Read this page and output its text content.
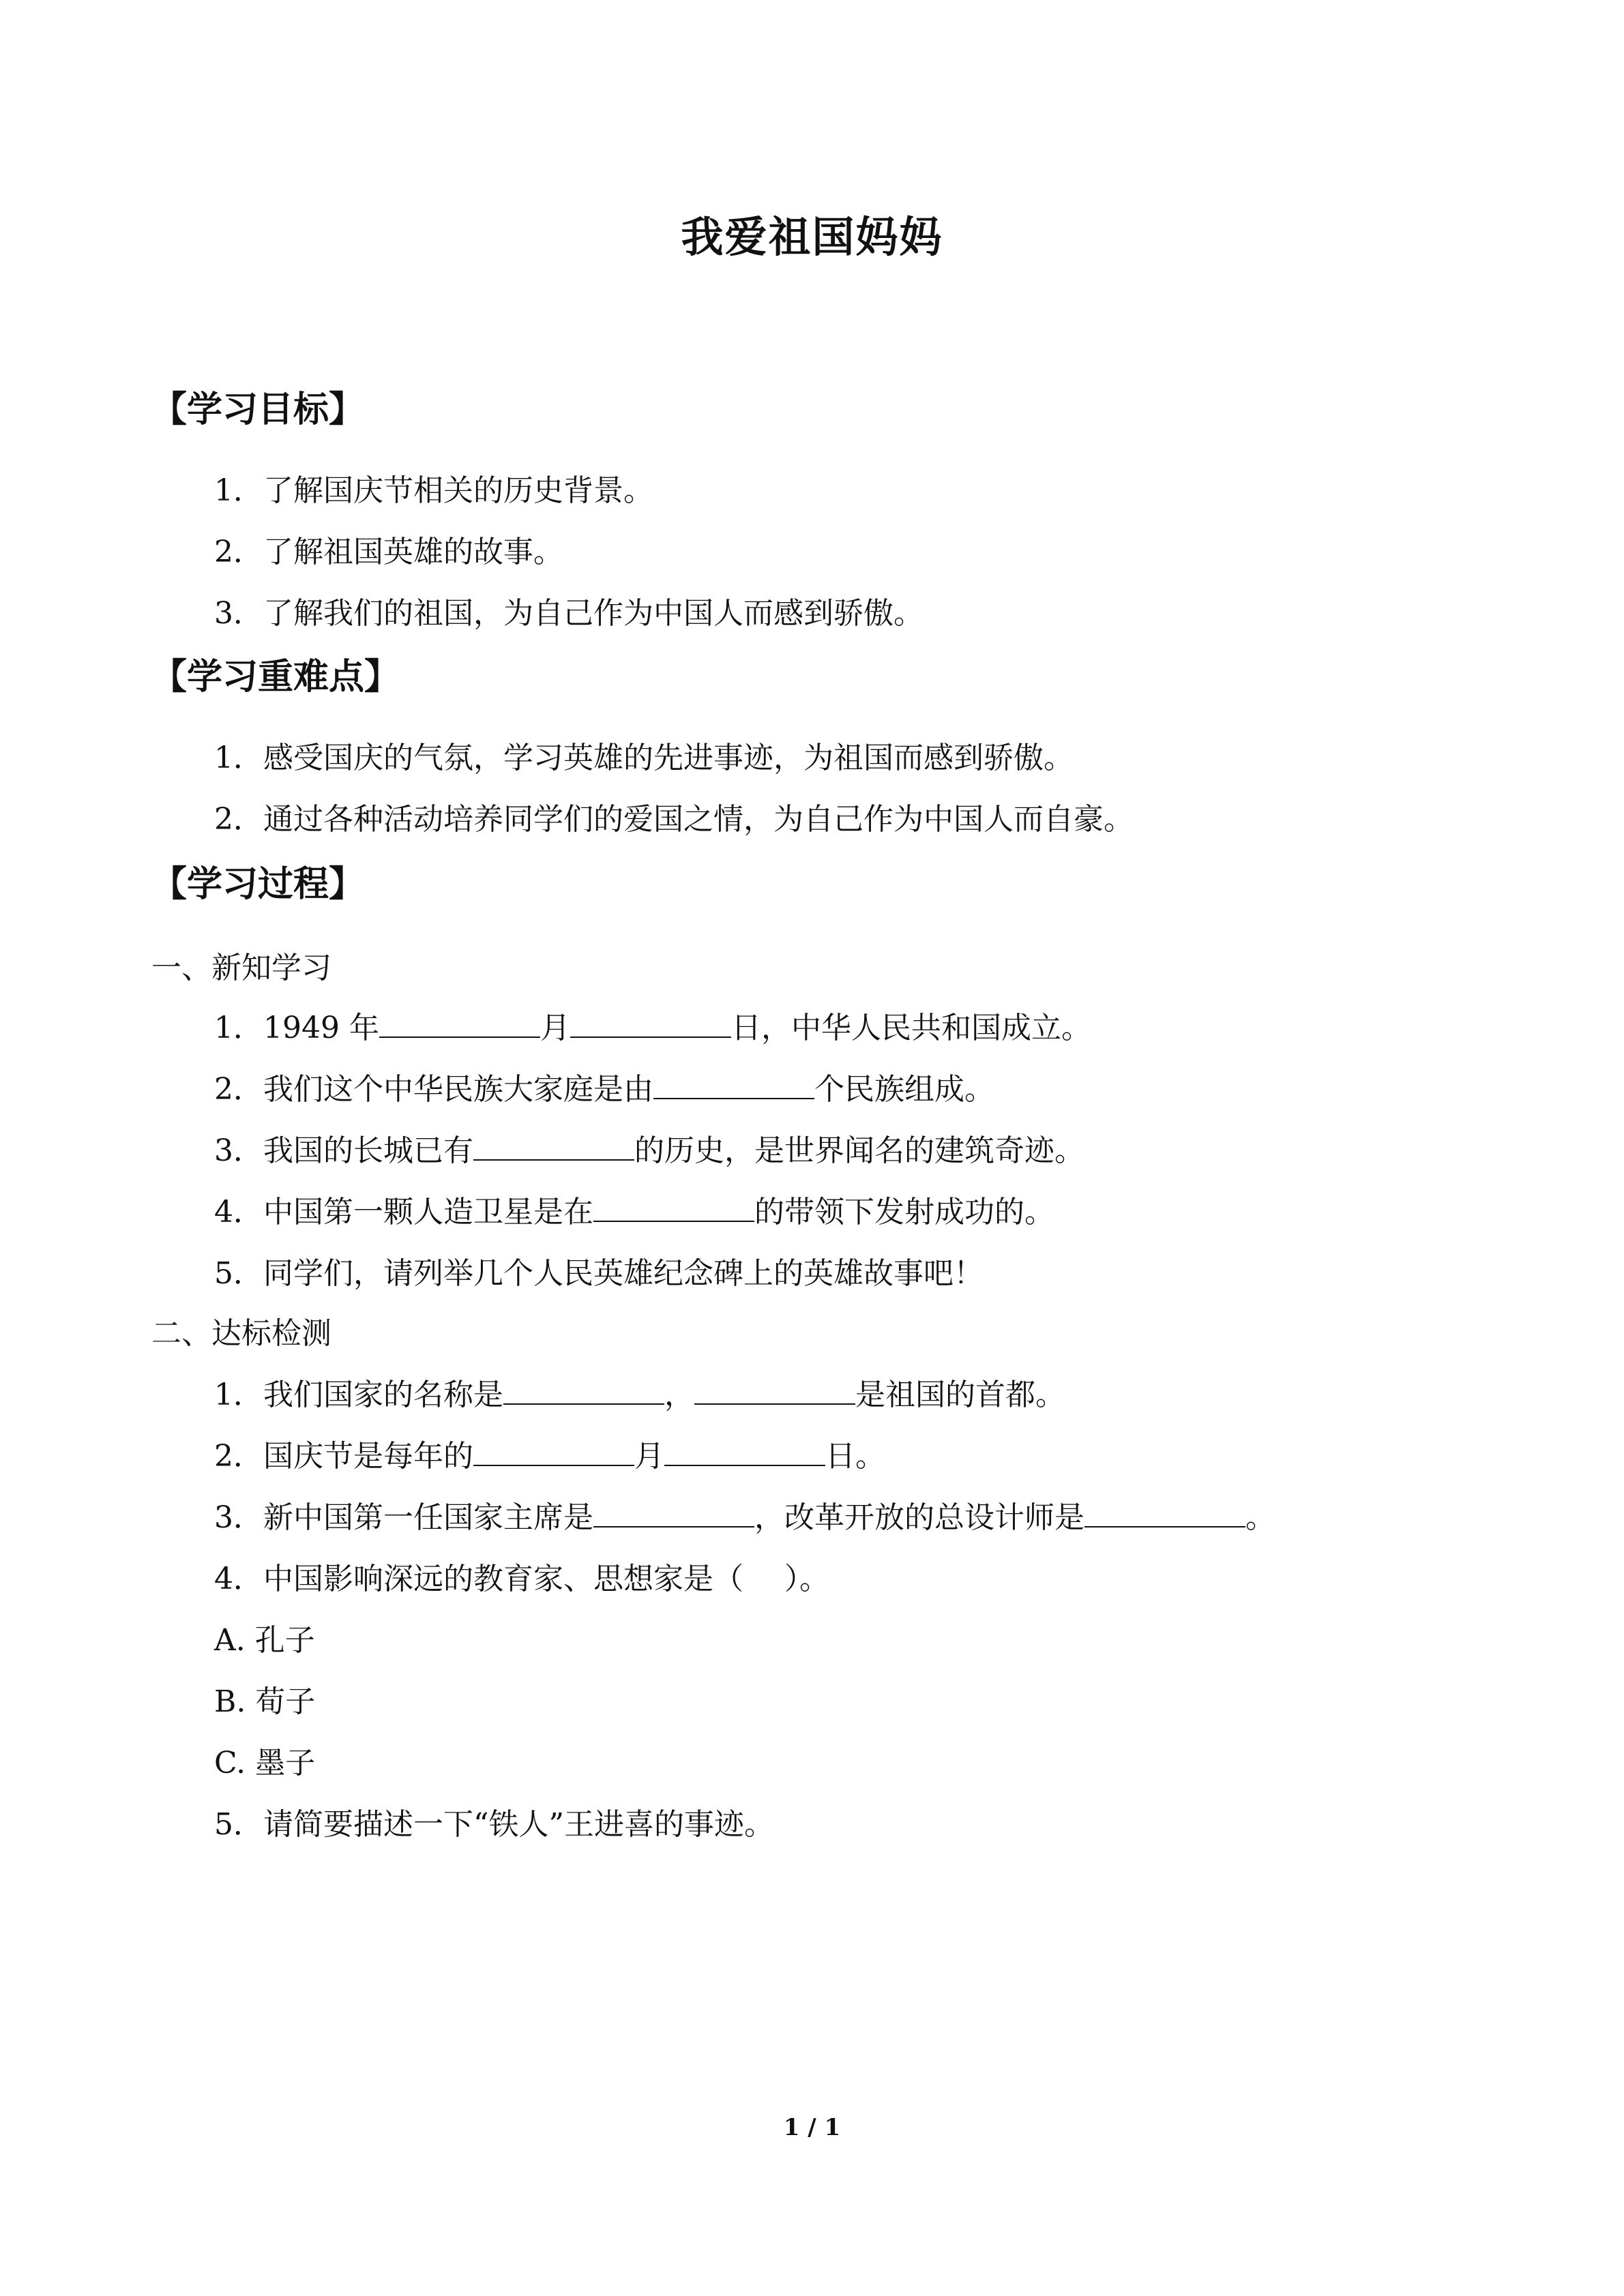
我爱祖国妈妈
【学习目标】
1．了解国庆节相关的历史背景。
2．了解祖国英雄的故事。
3．了解我们的祖国，为自己作为中国人而感到骄傲。
【学习重难点】
1．感受国庆的气氛，学习英雄的先进事迹，为祖国而感到骄傲。
2．通过各种活动培养同学们的爱国之情，为自己作为中国人而自豪。
【学习过程】
一、新知学习
1．1949 年	月	日，中华人民共和国成立。
2．我们这个中华民族大家庭是由	个民族组成。
3．我国的长城已有	的历史，是世界闻名的建筑奇迹。
4．中国第一颗人造卫星是在	的带领下发射成功的。
5．同学们，请列举几个人民英雄纪念碑上的英雄故事吧！
二、达标检测
1．我们国家的名称是	，	是祖国的首都。
2．国庆节是每年的	月	日。
3．新中国第一任国家主席是	，改革开放的总设计师是	。
4．中国影响深远的教育家、思想家是（ ）。
A. 孔子
B. 荀子
C. 墨子
5．请简要描述一下“铁人”王进喜的事迹。
1 / 1
